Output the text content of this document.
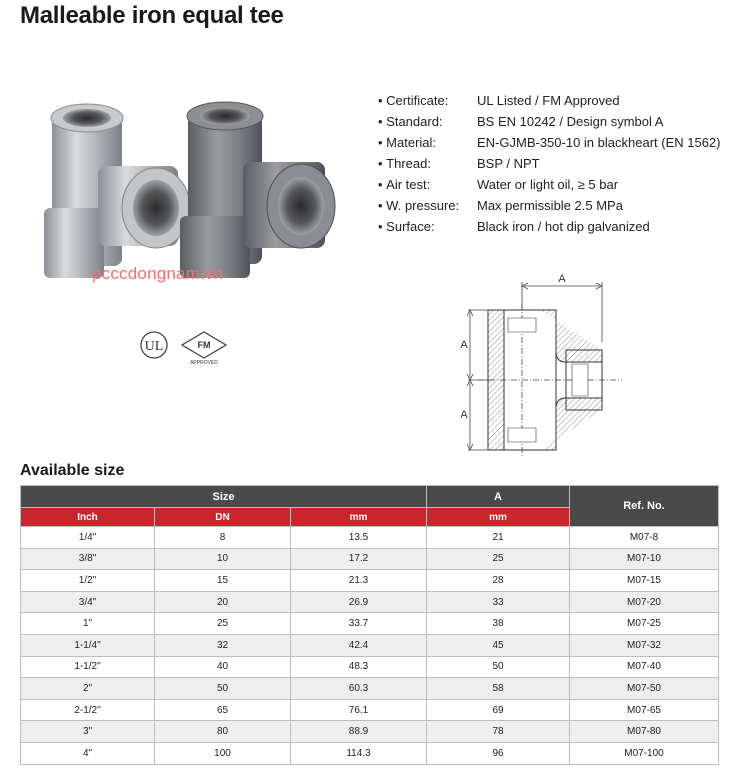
Malleable iron equal tee
pcccdongnam.vn
UL	FM
APPROVED
• Certificate:	UL Listed / FM Approved
• Standard:	BS EN 10242 / Design symbol A
• Material:	EN-GJMB-350-10 in blackheart (EN 1562)
• Thread:	BSP / NPT
• Air test:	Water or light oil, ≥ 5 bar
• W. pressure:	Max permissible 2.5 MPa
• Surface:	Black iron / hot dip galvanized
A
A
A
Available size
Size			A	Ref. No.
Inch	DN	mm	mm	
1/4"	8	13.5	21	M07-8
3/8"	10	17.2	25	M07-10
1/2"	15	21.3	28	M07-15
3/4"	20	26.9	33	M07-20
1"	25	33.7	38	M07-25
1-1/4"	32	42.4	45	M07-32
1-1/2"	40	48.3	50	M07-40
2"	50	60.3	58	M07-50
2-1/2"	65	76.1	69	M07-65
3"	80	88.9	78	M07-80
4"	100	114.3	96	M07-100
